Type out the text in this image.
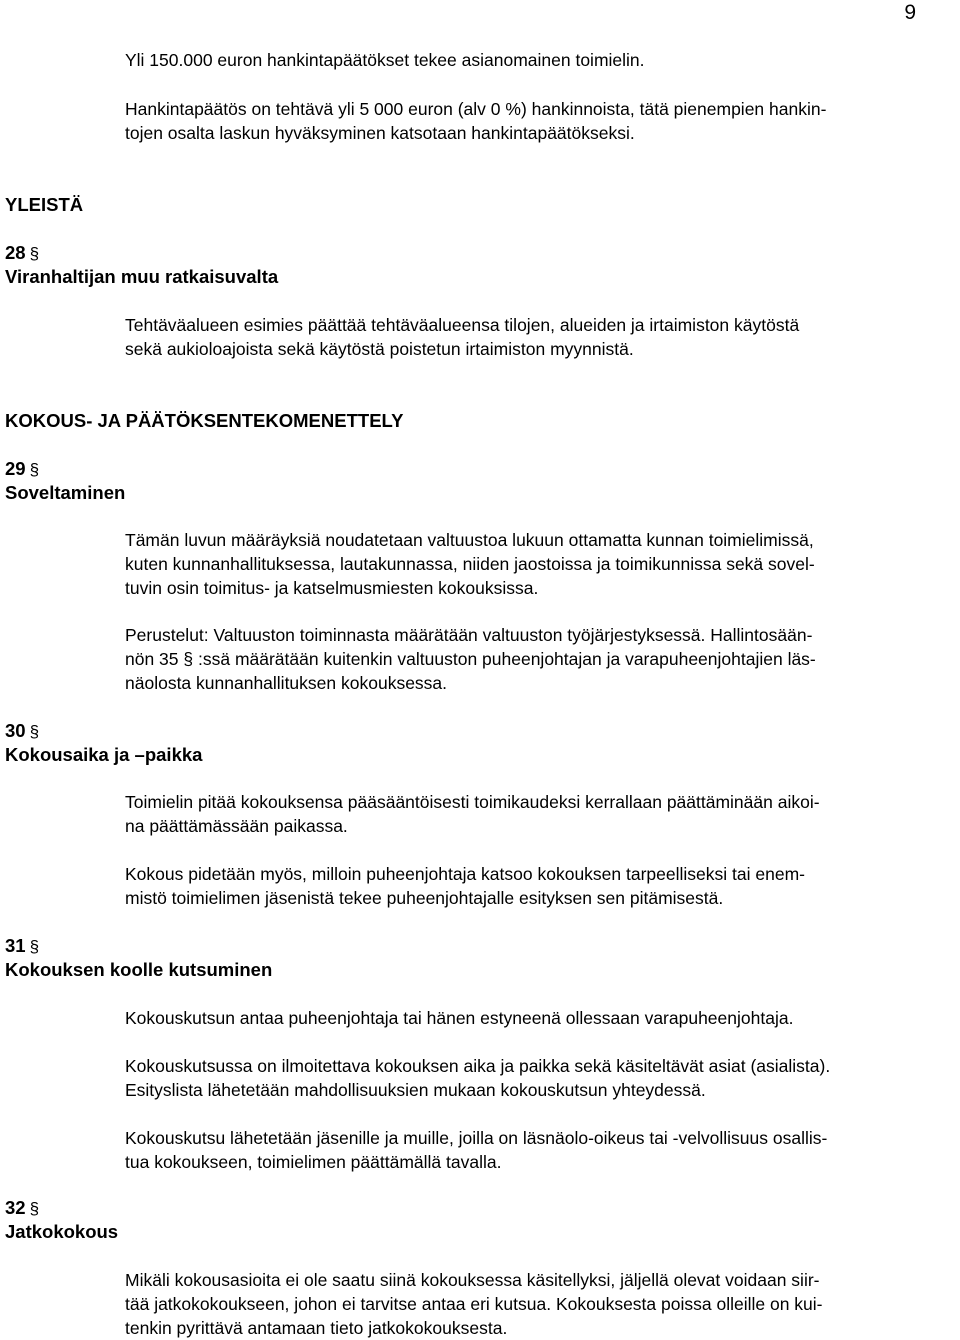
9

Yli 150.000 euron hankintapäätökset tekee asianomainen toimielin.

Hankintapäätös on tehtävä yli 5 000 euron (alv 0 %) hankinnoista, tätä pienempien hankin-
tojen osalta laskun hyväksyminen katsotaan hankintapäätökseksi.

YLEISTÄ
28 §
Viranhaltijan muu ratkaisuvalta

Tehtäväalueen esimies päättää tehtäväalueensa tilojen, alueiden ja irtaimiston käytöstä
sekä aukioloajoista sekä käytöstä poistetun irtaimiston myynnistä.

KOKOUS- JA PÄÄTÖKSENTEKOMENETTELY
29 §
Soveltaminen

Tämän luvun määräyksiä noudatetaan valtuustoa lukuun ottamatta kunnan toimielimissä,
kuten kunnanhallituksessa, lautakunnassa, niiden jaostoissa ja toimikunnissa sekä sovel-
tuvin osin toimitus- ja katselmusmiesten kokouksissa.

Perustelut: Valtuuston toiminnasta määrätään valtuuston työjärjestyksessä. Hallintosään-
nön 35 § :ssä määrätään kuitenkin valtuuston puheenjohtajan ja varapuheenjohtajien läs-
näolosta kunnanhallituksen kokouksessa.

30 §
Kokousaika ja –paikka

Toimielin pitää kokouksensa pääsääntöisesti toimikaudeksi kerrallaan päättäminään aikoi-
na päättämässään paikassa.

Kokous pidetään myös, milloin puheenjohtaja katsoo kokouksen tarpeelliseksi tai enem-
mistö toimielimen jäsenistä tekee puheenjohtajalle esityksen sen pitämisestä.

31 §
Kokouksen koolle kutsuminen

Kokouskutsun antaa puheenjohtaja tai hänen estyneenä ollessaan varapuheenjohtaja.

Kokouskutsussa on ilmoitettava kokouksen aika ja paikka sekä käsiteltävät asiat (asialista).
Esityslista lähetetään mahdollisuuksien mukaan kokouskutsun yhteydessä.

Kokouskutsu lähetetään jäsenille ja muille, joilla on läsnäolo-oikeus tai -velvollisuus osallis-
tua kokoukseen, toimielimen päättämällä tavalla.

32 §
Jatkokokous

Mikäli kokousasioita ei ole saatu siinä kokouksessa käsitellyksi, jäljellä olevat voidaan siir-
tää jatkokokoukseen, johon ei tarvitse antaa eri kutsua. Kokouksesta poissa olleille on kui-
tenkin pyrittävä antamaan tieto jatkokokouksesta.
